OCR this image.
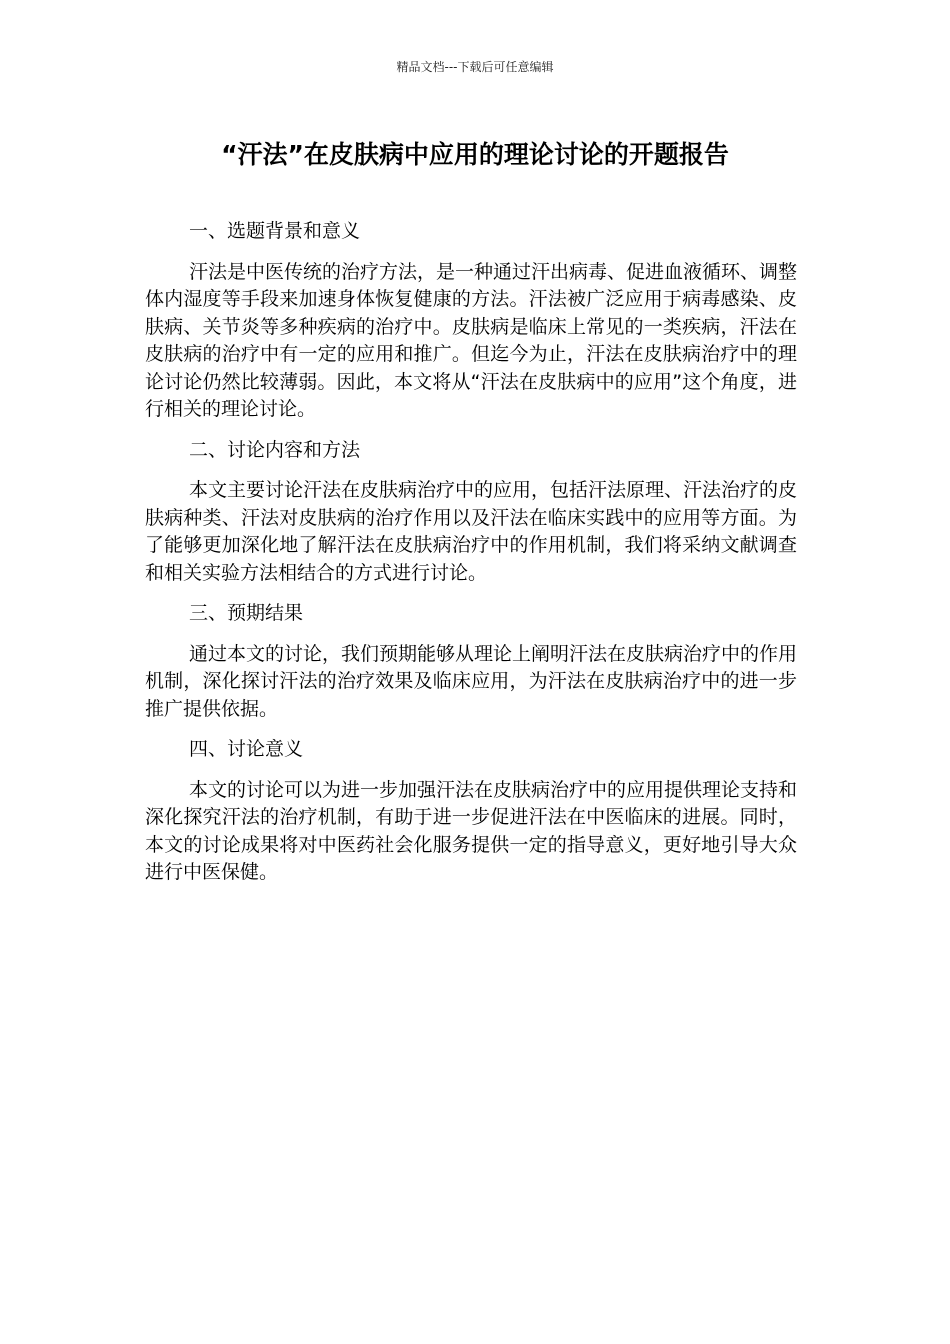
精品文档---下载后可任意编辑
“汗法”在皮肤病中应用的理论讨论的开题报告
一、选题背景和意义

汗法是中医传统的治疗方法，是一种通过汗出病毒、促进血液循环、调整体内湿度等手段来加速身体恢复健康的方法。汗法被广泛应用于病毒感染、皮肤病、关节炎等多种疾病的治疗中。皮肤病是临床上常见的一类疾病，汗法在皮肤病的治疗中有一定的应用和推广。但迄今为止，汗法在皮肤病治疗中的理论讨论仍然比较薄弱。因此，本文将从“汗法在皮肤病中的应用”这个角度，进行相关的理论讨论。

二、讨论内容和方法

本文主要讨论汗法在皮肤病治疗中的应用，包括汗法原理、汗法治疗的皮肤病种类、汗法对皮肤病的治疗作用以及汗法在临床实践中的应用等方面。为了能够更加深化地了解汗法在皮肤病治疗中的作用机制，我们将采纳文献调查和相关实验方法相结合的方式进行讨论。

三、预期结果

通过本文的讨论，我们预期能够从理论上阐明汗法在皮肤病治疗中的作用机制，深化探讨汗法的治疗效果及临床应用，为汗法在皮肤病治疗中的进一步推广提供依据。

四、讨论意义

本文的讨论可以为进一步加强汗法在皮肤病治疗中的应用提供理论支持和深化探究汗法的治疗机制，有助于进一步促进汗法在中医临床的进展。同时，本文的讨论成果将对中医药社会化服务提供一定的指导意义，更好地引导大众进行中医保健。
